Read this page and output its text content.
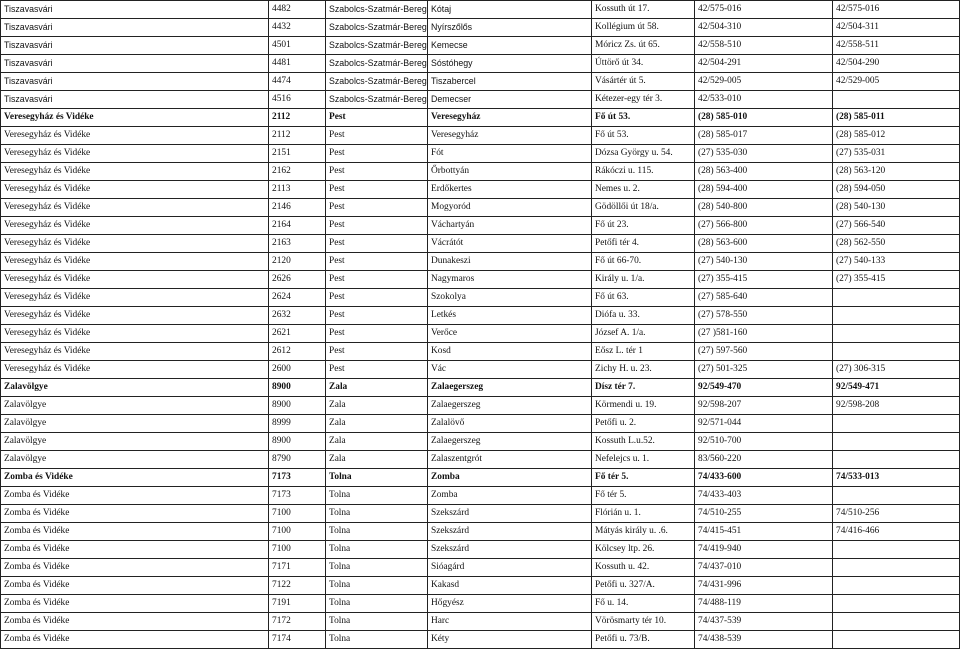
Tiszavasvári	4482	Szabolcs-Szatmár-Bereg	Kótaj	Kossuth út 17.	42/575-016	42/575-016
Tiszavasvári	4432	Szabolcs-Szatmár-Bereg	Nyírszőlős	Kollégium út 58.	42/504-310	42/504-311
Tiszavasvári	4501	Szabolcs-Szatmár-Bereg	Kemecse	Móricz Zs. út 65.	42/558-510	42/558-511
Tiszavasvári	4481	Szabolcs-Szatmár-Bereg	Sóstóhegy	Úttörő út 34.	42/504-291	42/504-290
Tiszavasvári	4474	Szabolcs-Szatmár-Bereg	Tiszabercel	Vásártér út 5.	42/529-005	42/529-005
Tiszavasvári	4516	Szabolcs-Szatmár-Bereg	Demecser	Kétezer-egy tér 3.	42/533-010	
Veresegyház és Vidéke	2112	Pest	Veresegyház	Fő út 53.	(28) 585-010	(28) 585-011
Veresegyház és Vidéke	2112	Pest	Veresegyház	Fő út 53.	(28) 585-017	(28) 585-012
Veresegyház és Vidéke	2151	Pest	Fót	Dózsa György u. 54.	(27) 535-030	(27) 535-031
Veresegyház és Vidéke	2162	Pest	Őrbottyán	Rákóczi u. 115.	(28) 563-400	(28) 563-120
Veresegyház és Vidéke	2113	Pest	Erdőkertes	Nemes u. 2.	(28) 594-400	(28) 594-050
Veresegyház és Vidéke	2146	Pest	Mogyoród	Gödöllői út 18/a.	(28) 540-800	(28) 540-130
Veresegyház és Vidéke	2164	Pest	Váchartyán	Fő út 23.	(27) 566-800	(27) 566-540
Veresegyház és Vidéke	2163	Pest	Vácrátót	Petőfi tér 4.	(28) 563-600	(28) 562-550
Veresegyház és Vidéke	2120	Pest	Dunakeszi	Fő út 66-70.	(27) 540-130	(27) 540-133
Veresegyház és Vidéke	2626	Pest	Nagymaros	Király u. 1/a.	(27) 355-415	(27) 355-415
Veresegyház és Vidéke	2624	Pest	Szokolya	Fő út 63.	(27) 585-640	
Veresegyház és Vidéke	2632	Pest	Letkés	Diófa u. 33.	(27) 578-550	
Veresegyház és Vidéke	2621	Pest	Verőce	József A. 1/a.	(27 )581-160	
Veresegyház és Vidéke	2612	Pest	Kosd	Eősz L. tér 1	(27) 597-560	
Veresegyház és Vidéke	2600	Pest	Vác	Zichy H. u. 23.	(27) 501-325	(27) 306-315
Zalavölgye	8900	Zala	Zalaegerszeg	Dísz tér 7.	92/549-470	92/549-471
Zalavölgye	8900	Zala	Zalaegerszeg	Körmendi u. 19.	92/598-207	92/598-208
Zalavölgye	8999	Zala	Zalalövő	Petőfi u. 2.	92/571-044	
Zalavölgye	8900	Zala	Zalaegerszeg	Kossuth L.u.52.	92/510-700	
Zalavölgye	8790	Zala	Zalaszentgrót	Nefelejcs u. 1.	83/560-220	
Zomba és Vidéke	7173	Tolna	Zomba	Fő tér 5.	74/433-600	74/533-013
Zomba és Vidéke	7173	Tolna	Zomba	Fő tér 5.	74/433-403	
Zomba és Vidéke	7100	Tolna	Szekszárd	Flórián u. 1.	74/510-255	74/510-256
Zomba és Vidéke	7100	Tolna	Szekszárd	Mátyás király u. .6.	74/415-451	74/416-466
Zomba és Vidéke	7100	Tolna	Szekszárd	Kölcsey ltp. 26.	74/419-940	
Zomba és Vidéke	7171	Tolna	Sióagárd	Kossuth u. 42.	74/437-010	
Zomba és Vidéke	7122	Tolna	Kakasd	Petőfi u. 327/A.	74/431-996	
Zomba és Vidéke	7191	Tolna	Hőgyész	Fő u. 14.	74/488-119	
Zomba és Vidéke	7172	Tolna	Harc	Vörösmarty tér 10.	74/437-539	
Zomba és Vidéke	7174	Tolna	Kéty	Petőfi u. 73/B.	74/438-539	
